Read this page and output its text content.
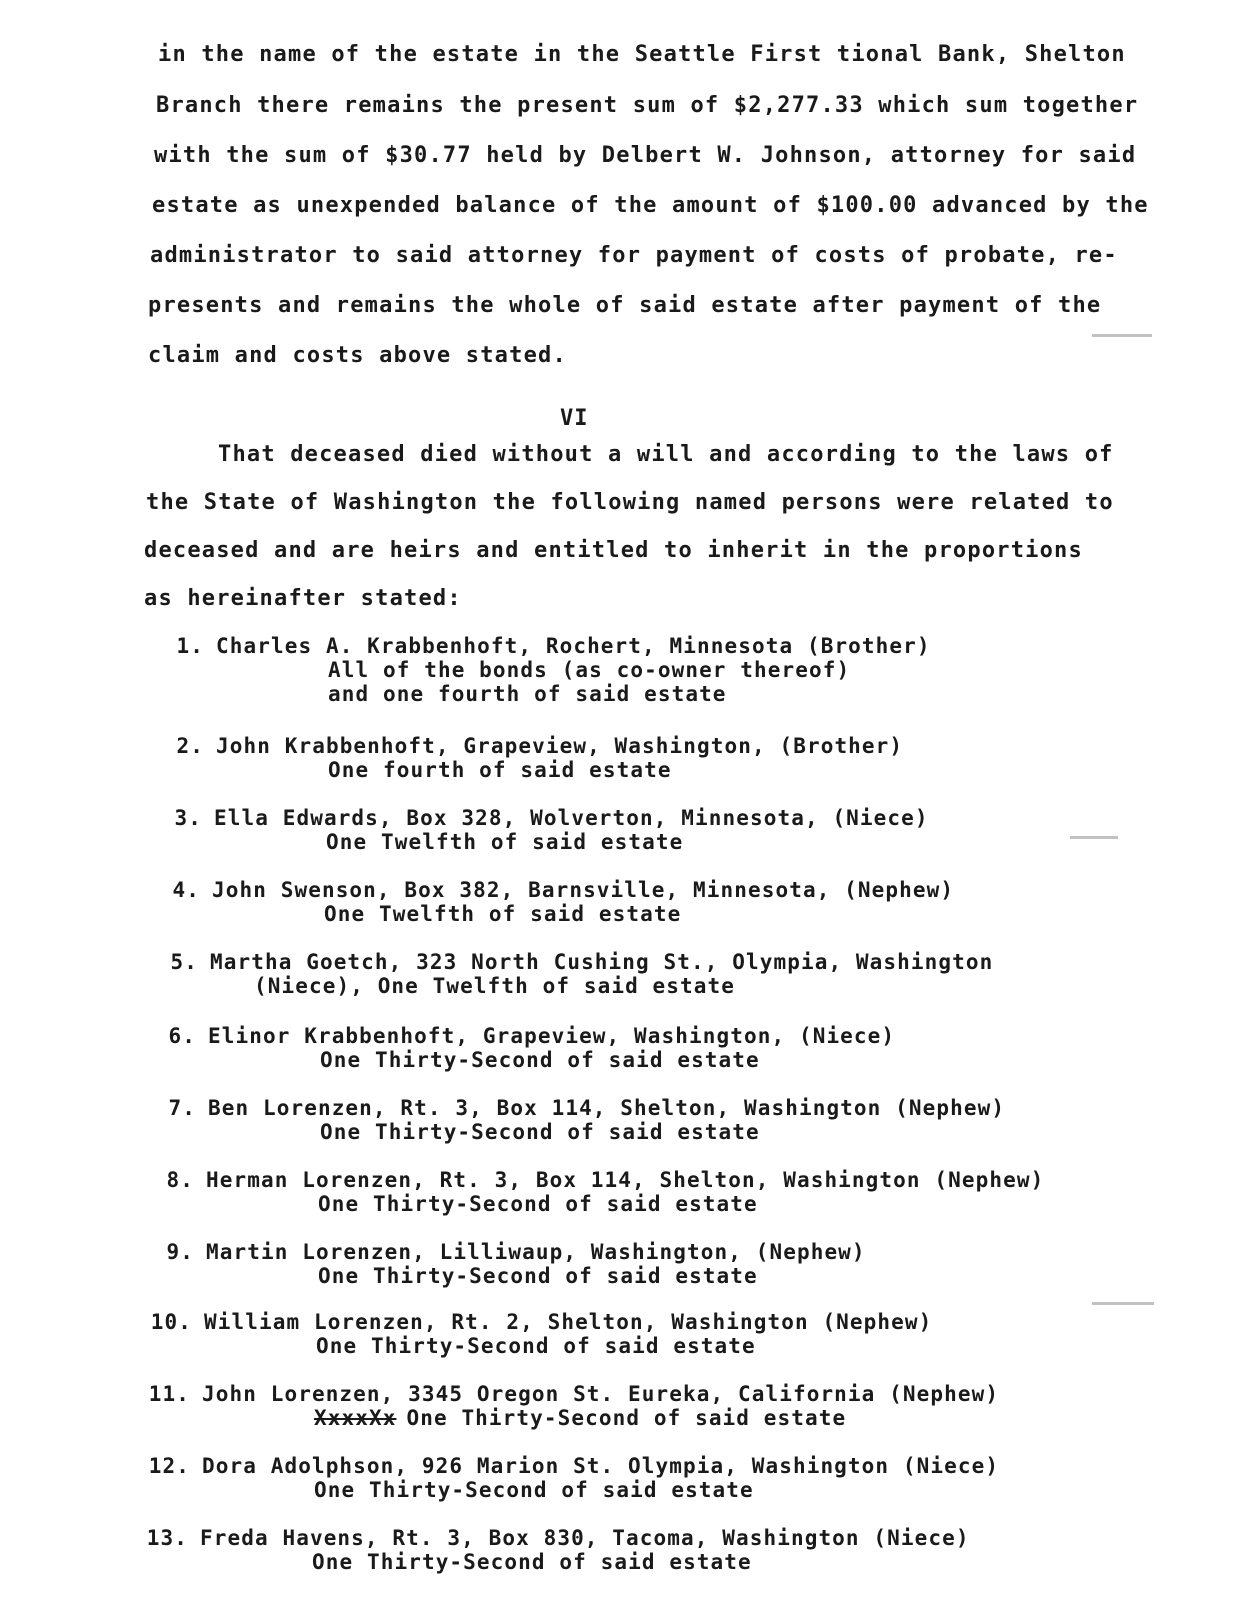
in the name of the estate in the Seattle First tional Bank, Shelton
Branch there remains the present sum of $2,277.33 which sum together
with the sum of $30.77 held by Delbert W. Johnson, attorney for said
estate as unexpended balance of the amount of $100.00 advanced by the
administrator to said attorney for payment of costs of probate, re-
presents and remains the whole of said estate after payment of the
claim and costs above stated.
VI
That deceased died without a will and according to the laws of
the State of Washington the following named persons were related to
deceased and are heirs and entitled to inherit in the proportions
as hereinafter stated:
1. Charles A. Krabbenhoft, Rochert, Minnesota (Brother)
All of the bonds (as co-owner thereof)
and one fourth of said estate
2. John Krabbenhoft, Grapeview, Washington, (Brother)
One fourth of said estate
3. Ella Edwards, Box 328, Wolverton, Minnesota, (Niece)
One Twelfth of said estate
4. John Swenson, Box 382, Barnsville, Minnesota, (Nephew)
One Twelfth of said estate
5. Martha Goetch, 323 North Cushing St., Olympia, Washington
(Niece), One Twelfth of said estate
6. Elinor Krabbenhoft, Grapeview, Washington, (Niece)
One Thirty-Second of said estate
7. Ben Lorenzen, Rt. 3, Box 114, Shelton, Washington (Nephew)
One Thirty-Second of said estate
8. Herman Lorenzen, Rt. 3, Box 114, Shelton, Washington (Nephew)
One Thirty-Second of said estate
9. Martin Lorenzen, Lilliwaup, Washington, (Nephew)
One Thirty-Second of said estate
10. William Lorenzen, Rt. 2, Shelton, Washington (Nephew)
One Thirty-Second of said estate
11. John Lorenzen, 3345 Oregon St. Eureka, California (Nephew)
XxxxXx One Thirty-Second of said estate
12. Dora Adolphson, 926 Marion St. Olympia, Washington (Niece)
One Thirty-Second of said estate
13. Freda Havens, Rt. 3, Box 830, Tacoma, Washington (Niece)
One Thirty-Second of said estate
